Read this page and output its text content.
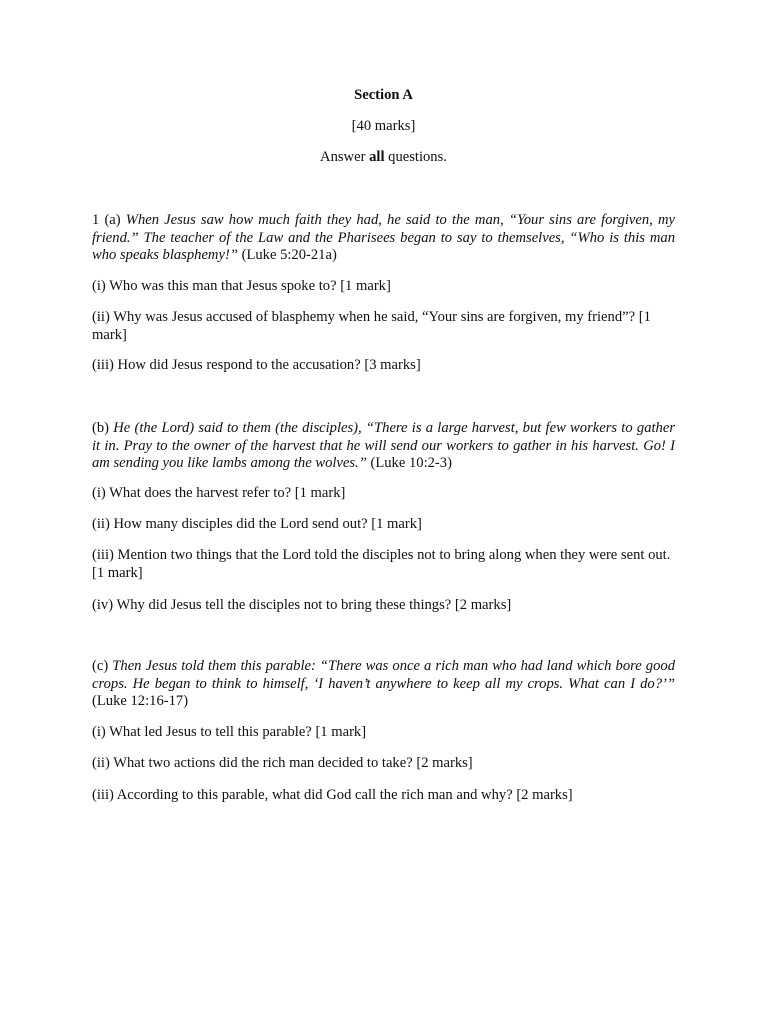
Section A
[40 marks]
Answer all questions.

1 (a) When Jesus saw how much faith they had, he said to the man, “Your sins are forgiven, my friend.” The teacher of the Law and the Pharisees began to say to themselves, “Who is this man who speaks blasphemy!” (Luke 5:20-21a)

(i) Who was this man that Jesus spoke to? [1 mark]

(ii) Why was Jesus accused of blasphemy when he said, “Your sins are forgiven, my friend”? [1 mark]

(iii) How did Jesus respond to the accusation? [3 marks]

(b) He (the Lord) said to them (the disciples), “There is a large harvest, but few workers to gather it in. Pray to the owner of the harvest that he will send our workers to gather in his harvest. Go! I am sending you like lambs among the wolves.” (Luke 10:2-3)

(i) What does the harvest refer to? [1 mark]

(ii) How many disciples did the Lord send out? [1 mark]

(iii) Mention two things that the Lord told the disciples not to bring along when they were sent out. [1 mark]

(iv) Why did Jesus tell the disciples not to bring these things? [2 marks]

(c) Then Jesus told them this parable: “There was once a rich man who had land which bore good crops. He began to think to himself, ‘I haven’t anywhere to keep all my crops. What can I do?’” (Luke 12:16-17)

(i) What led Jesus to tell this parable? [1 mark]

(ii) What two actions did the rich man decided to take? [2 marks]

(iii) According to this parable, what did God call the rich man and why? [2 marks]
